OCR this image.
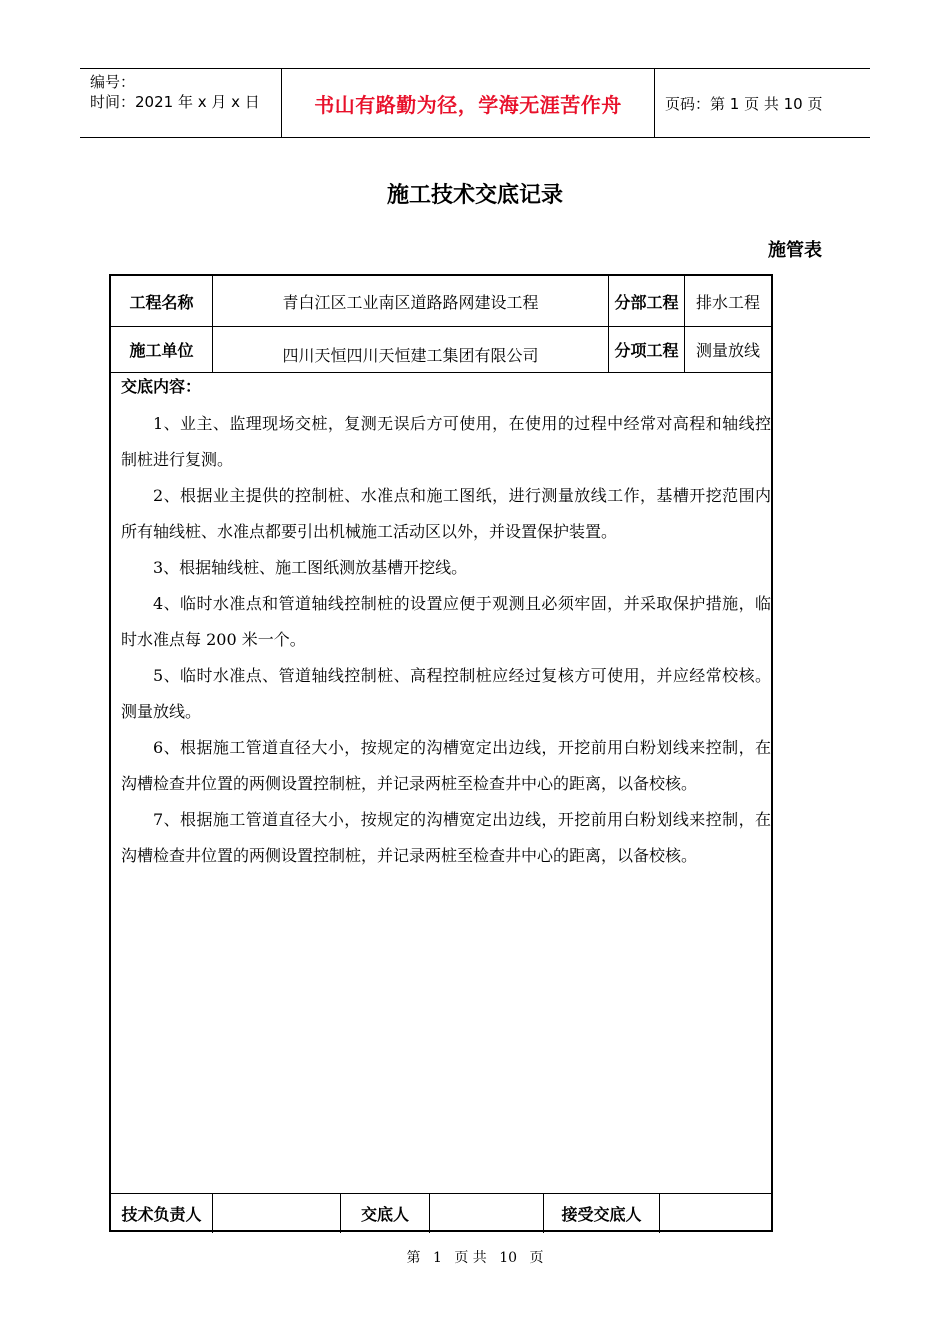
编号：
时间：2021 年 x 月 x 日	书山有路勤为径，学海无涯苦作舟	页码：第 1 页 共 10 页
施工技术交底记录
施管表
工程名称	青白江区工业南区道路路网建设工程	分部工程	排水工程
施工单位	四川天恒四川天恒建工集团有限公司	分项工程	测量放线
交底内容：

1、业主、监理现场交桩，复测无误后方可使用，在使用的过程中经常对高程和轴线控制桩进行复测。

2、根据业主提供的控制桩、水准点和施工图纸，进行测量放线工作，基槽开挖范围内所有轴线桩、水准点都要引出机械施工活动区以外，并设置保护装置。

3、根据轴线桩、施工图纸测放基槽开挖线。

4、临时水准点和管道轴线控制桩的设置应便于观测且必须牢固，并采取保护措施，临时水准点每 200 米一个。

5、临时水准点、管道轴线控制桩、高程控制桩应经过复核方可使用，并应经常校核。测量放线。

6、根据施工管道直径大小，按规定的沟槽宽定出边线，开挖前用白粉划线来控制，在沟槽检查井位置的两侧设置控制桩，并记录两桩至检查井中心的距离，以备校核。

7、根据施工管道直径大小，按规定的沟槽宽定出边线，开挖前用白粉划线来控制，在沟槽检查井位置的两侧设置控制桩，并记录两桩至检查井中心的距离，以备校核。

技术负责人	交底人	接受交底人
第 1 页 共 10 页
